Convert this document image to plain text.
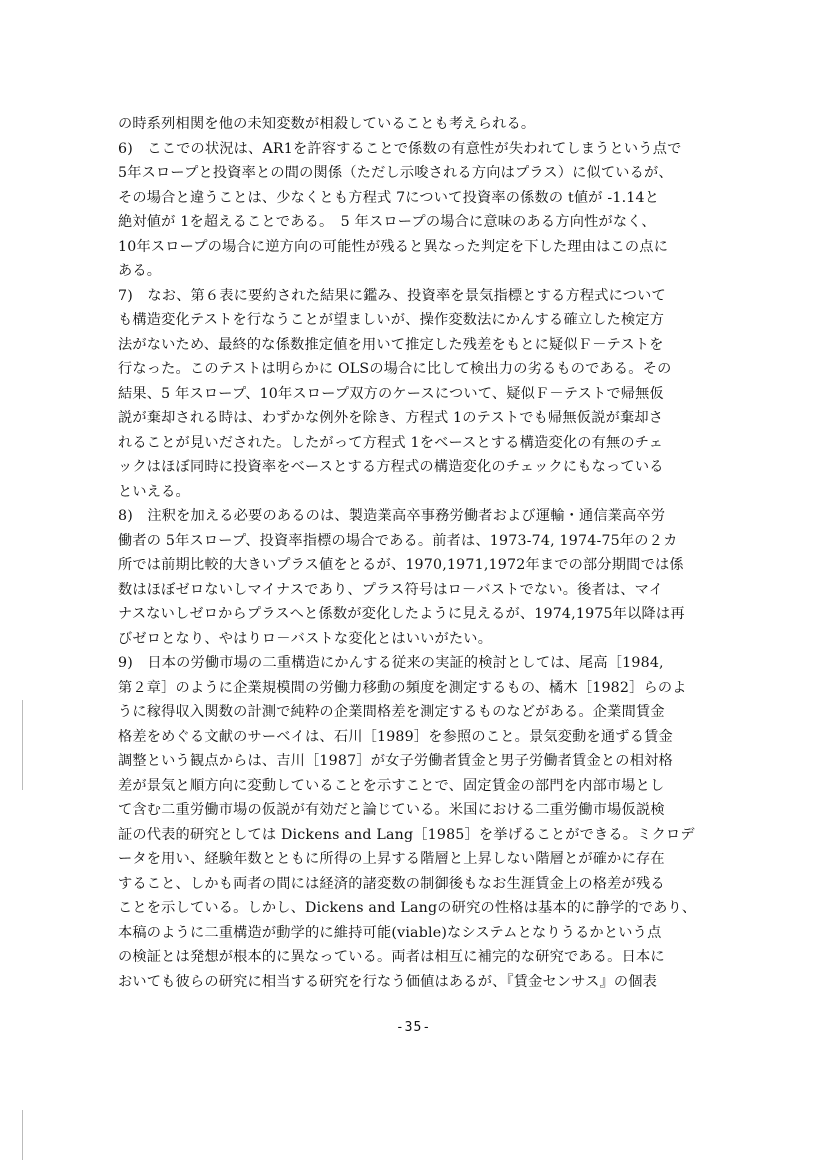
の時系列相関を他の未知変数が相殺していることも考えられる。
6)　ここでの状況は、AR1を許容することで係数の有意性が失われてしまうという点で
5年スロープと投資率との間の関係（ただし示唆される方向はプラス）に似ているが、
その場合と違うことは、少なくとも方程式 7について投資率の係数の t値が -1.14と
絶対値が 1を超えることである。　5 年スロープの場合に意味のある方向性がなく、
10年スロープの場合に逆方向の可能性が残ると異なった判定を下した理由はこの点に
ある。
7)　なお、第６表に要約された結果に鑑み、投資率を景気指標とする方程式について
も構造変化テストを行なうことが望ましいが、操作変数法にかんする確立した検定方
法がないため、最終的な係数推定値を用いて推定した残差をもとに疑似Ｆ－テストを
行なった。このテストは明らかに OLSの場合に比して検出力の劣るものである。その
結果、5 年スロープ、10年スロープ双方のケースについて、疑似Ｆ－テストで帰無仮
説が棄却される時は、わずかな例外を除き、方程式 1のテストでも帰無仮説が棄却さ
れることが見いだされた。したがって方程式 1をベースとする構造変化の有無のチェ
ックはほぼ同時に投資率をベースとする方程式の構造変化のチェックにもなっている
といえる。
8)　注釈を加える必要のあるのは、製造業高卒事務労働者および運輸・通信業高卒労
働者の 5年スロープ、投資率指標の場合である。前者は、1973-74, 1974-75年の２カ
所では前期比較的大きいプラス値をとるが、1970,1971,1972年までの部分期間では係
数はほぼゼロないしマイナスであり、プラス符号はロ－バストでない。後者は、マイ
ナスないしゼロからプラスへと係数が変化したように見えるが、1974,1975年以降は再
びゼロとなり、やはりロ－バストな変化とはいいがたい。
9)　日本の労働市場の二重構造にかんする従来の実証的検討としては、尾高［1984,
第２章］のように企業規模間の労働力移動の頻度を測定するもの、橘木［1982］らのよ
うに稼得収入関数の計測で純粋の企業間格差を測定するものなどがある。企業間賃金
格差をめぐる文献のサーベイは、石川［1989］を参照のこと。景気変動を通ずる賃金
調整という観点からは、吉川［1987］が女子労働者賃金と男子労働者賃金との相対格
差が景気と順方向に変動していることを示すことで、固定賃金の部門を内部市場とし
て含む二重労働市場の仮説が有効だと論じている。米国における二重労働市場仮説検
証の代表的研究としては Dickens and Lang［1985］を挙げることができる。ミクロデ
ータを用い、経験年数とともに所得の上昇する階層と上昇しない階層とが確かに存在
すること、しかも両者の間には経済的諸変数の制御後もなお生涯賃金上の格差が残る
ことを示している。しかし、Dickens and Langの研究の性格は基本的に静学的であり、
本稿のように二重構造が動学的に維持可能(viable)なシステムとなりうるかという点
の検証とは発想が根本的に異なっている。両者は相互に補完的な研究である。日本に
おいても彼らの研究に相当する研究を行なう価値はあるが、『賃金センサス』の個表
-35-
